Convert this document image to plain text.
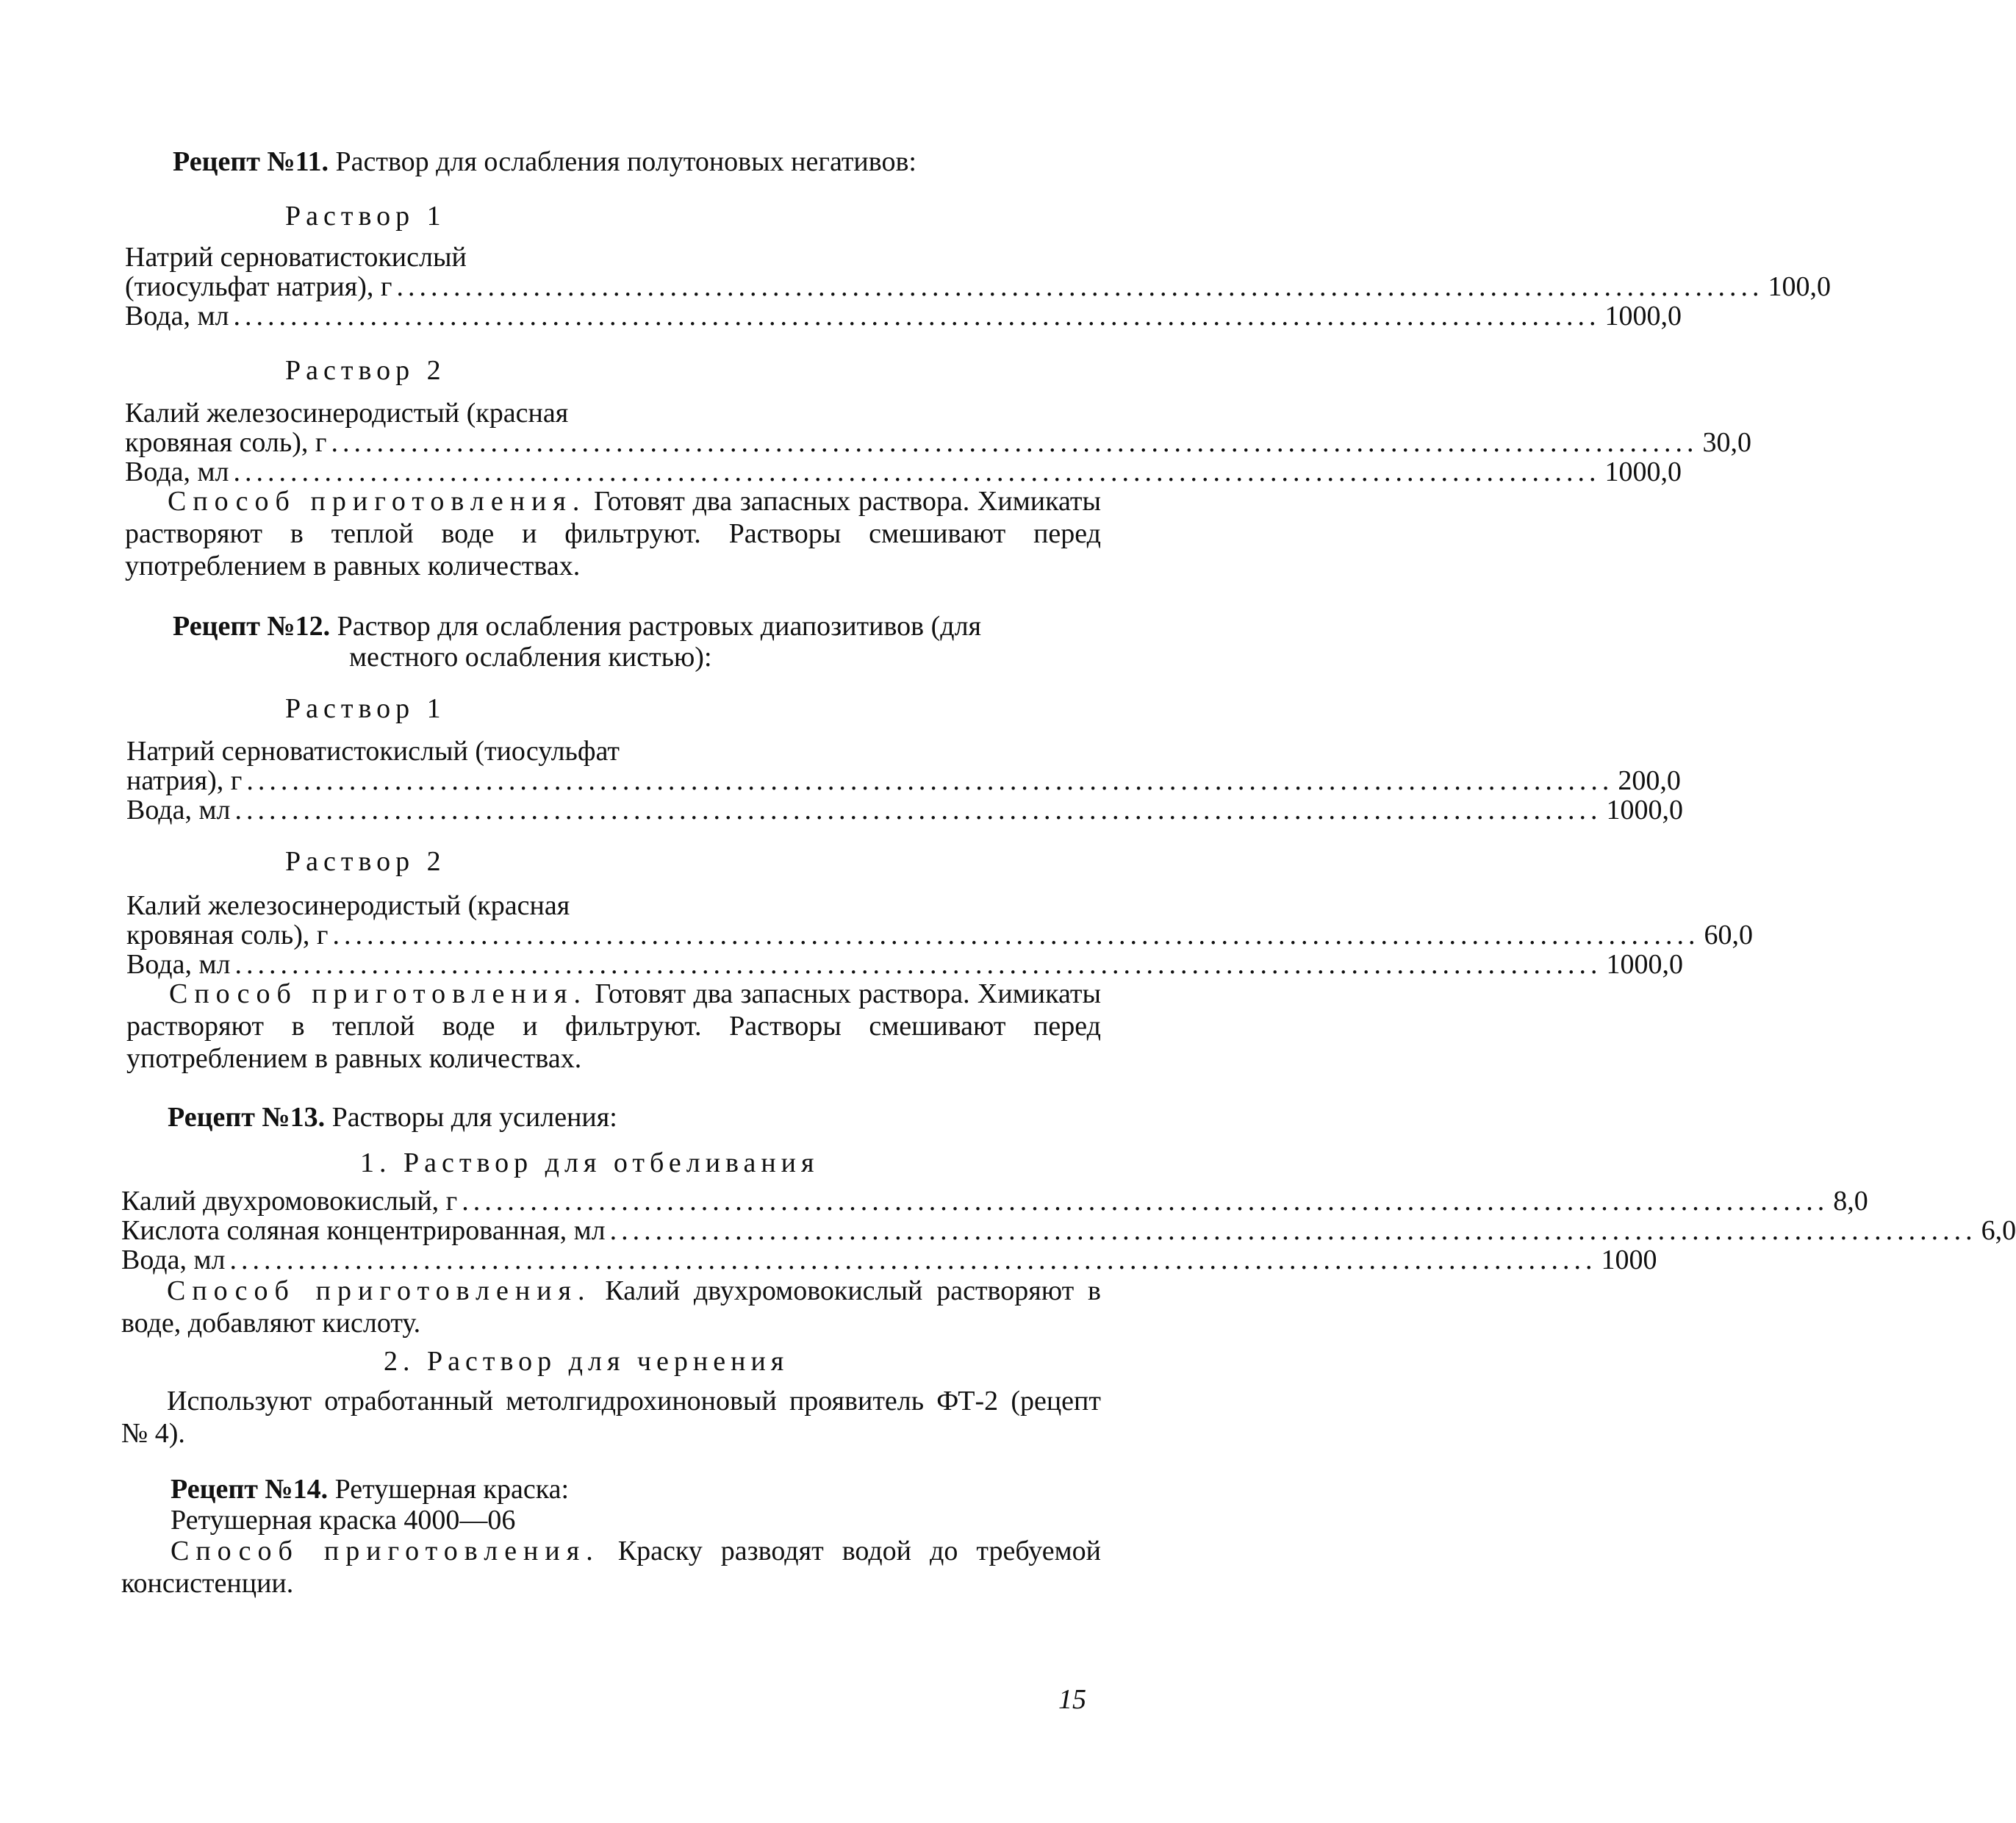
Рецепт №11. Раствор для ослабления полутоновых негативов:
Раствор 1
Натрий серноватистокислый
(тиосульфат натрия), г ........................................................................................................................ 100,0
Вода, мл ........................................................................................................................ 1000,0
Раствор 2
Калий железосинеродистый (красная
кровяная соль), г ........................................................................................................................ 30,0
Вода, мл ........................................................................................................................ 1000,0
Способ приготовления. Готовят два запасных раствора. Химикаты растворяют в теплой воде и фильтруют. Растворы смешивают перед употреблением в равных количествах.
Рецепт №12. Раствор для ослабления растровых диапозитивов (для
местного ослабления кистью):
Раствор 1
Натрий серноватистокислый (тиосульфат
натрия), г ........................................................................................................................ 200,0
Вода, мл ........................................................................................................................ 1000,0
Раствор 2
Калий железосинеродистый (красная
кровяная соль), г ........................................................................................................................ 60,0
Вода, мл ........................................................................................................................ 1000,0
Способ приготовления. Готовят два запасных раствора. Химикаты растворяют в теплой воде и фильтруют. Растворы смешивают перед употреблением в равных количествах.
Рецепт №13. Растворы для усиления:
1. Раствор для отбеливания
Калий двухромовокислый, г ........................................................................................................................ 8,0
Кислота соляная концентрированная, мл ........................................................................................................................ 6,0
Вода, мл ........................................................................................................................ 1000
Способ приготовления. Калий двухромовокислый растворяют в воде, добавляют кислоту.
2. Раствор для чернения
Используют отработанный метолгидрохиноновый проявитель ФТ-2 (рецепт № 4).
Рецепт №14. Ретушерная краска:
Ретушерная краска 4000—06
Способ приготовления. Краску разводят водой до требуемой консистенции.
15
